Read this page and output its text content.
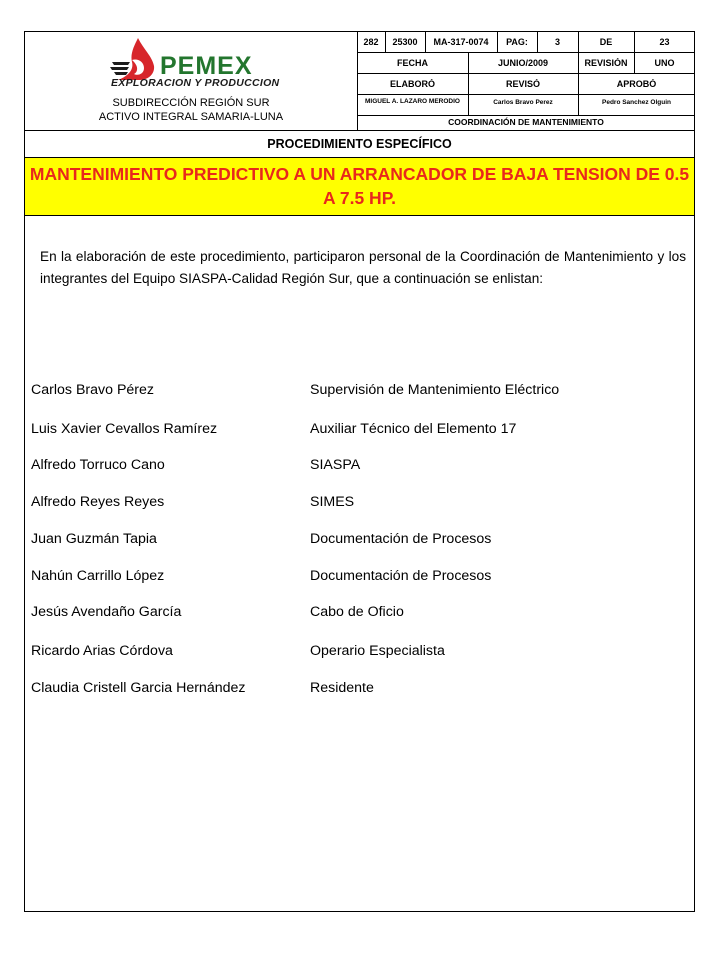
282	25300	MA-317-0074	PAG:	3	DE	23
FECHA	JUNIO/2009	REVISIÓN	UNO
ELABORÓ	REVISÓ	APROBÓ
MIGUEL A. LAZARO MERODIO	Carlos Bravo Perez	Pedro Sanchez Olguin
COORDINACIÓN DE MANTENIMIENTO
PEMEX
EXPLORACION Y PRODUCCION
SUBDIRECCIÓN REGIÓN SUR
ACTIVO INTEGRAL SAMARIA-LUNA
PROCEDIMIENTO ESPECÍFICO
MANTENIMIENTO PREDICTIVO A UN ARRANCADOR DE BAJA TENSION DE 0.5 A 7.5 HP.
En la elaboración de este procedimiento, participaron personal de la Coordinación de Mantenimiento y los integrantes del Equipo SIASPA-Calidad Región Sur, que a continuación se enlistan:
Carlos Bravo Pérez	Supervisión de Mantenimiento Eléctrico
Luis Xavier Cevallos Ramírez	Auxiliar Técnico del Elemento 17
Alfredo Torruco Cano	SIASPA
Alfredo Reyes Reyes	SIMES
Juan Guzmán Tapia	Documentación de Procesos
Nahún Carrillo López	Documentación de Procesos
Jesús Avendaño García	Cabo de Oficio
Ricardo Arias Córdova	Operario Especialista
Claudia Cristell Garcia Hernández	Residente
